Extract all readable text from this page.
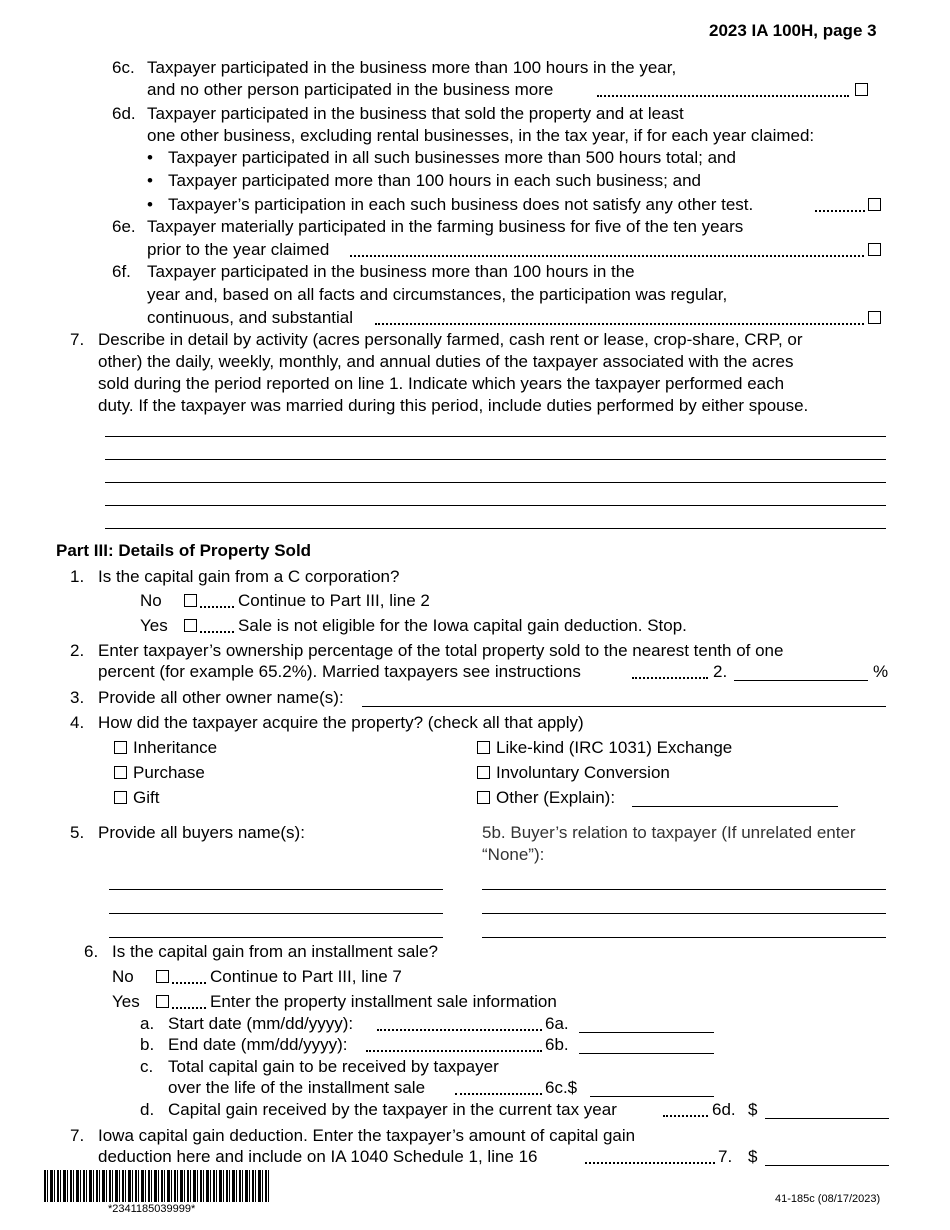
2023 IA 100H, page 3
6c. Taxpayer participated in the business more than 100 hours in the year,
and no other person participated in the business more
6d. Taxpayer participated in the business that sold the property and at least
one other business, excluding rental businesses, in the tax year, if for each year claimed:
• Taxpayer participated in all such businesses more than 500 hours total; and
• Taxpayer participated more than 100 hours in each such business; and
• Taxpayer’s participation in each such business does not satisfy any other test.
6e. Taxpayer materially participated in the farming business for five of the ten years
prior to the year claimed
6f. Taxpayer participated in the business more than 100 hours in the
year and, based on all facts and circumstances, the participation was regular,
continuous, and substantial
7. Describe in detail by activity (acres personally farmed, cash rent or lease, crop-share, CRP, or
other) the daily, weekly, monthly, and annual duties of the taxpayer associated with the acres
sold during the period reported on line 1. Indicate which years the taxpayer performed each
duty. If the taxpayer was married during this period, include duties performed by either spouse.
Part III: Details of Property Sold
1. Is the capital gain from a C corporation?
No	Continue to Part III, line 2
Yes	Sale is not eligible for the Iowa capital gain deduction. Stop.
2. Enter taxpayer’s ownership percentage of the total property sold to the nearest tenth of one
percent (for example 65.2%). Married taxpayers see instructions	2.	%
3. Provide all other owner name(s):
4. How did the taxpayer acquire the property? (check all that apply)
Inheritance
Purchase
Gift
Like-kind (IRC 1031) Exchange
Involuntary Conversion
Other (Explain):
5. Provide all buyers name(s):	5b. Buyer’s relation to taxpayer (If unrelated enter
“None”):
6. Is the capital gain from an installment sale?
No	Continue to Part III, line 7
Yes	Enter the property installment sale information
a. Start date (mm/dd/yyyy):	6a.
b. End date (mm/dd/yyyy):	6b.
c. Total capital gain to be received by taxpayer
over the life of the installment sale	6c.$
d. Capital gain received by the taxpayer in the current tax year	6d. $
7. Iowa capital gain deduction. Enter the taxpayer’s amount of capital gain
deduction here and include on IA 1040 Schedule 1, line 16	7. $
*2341185039999*
41-185c (08/17/2023)
